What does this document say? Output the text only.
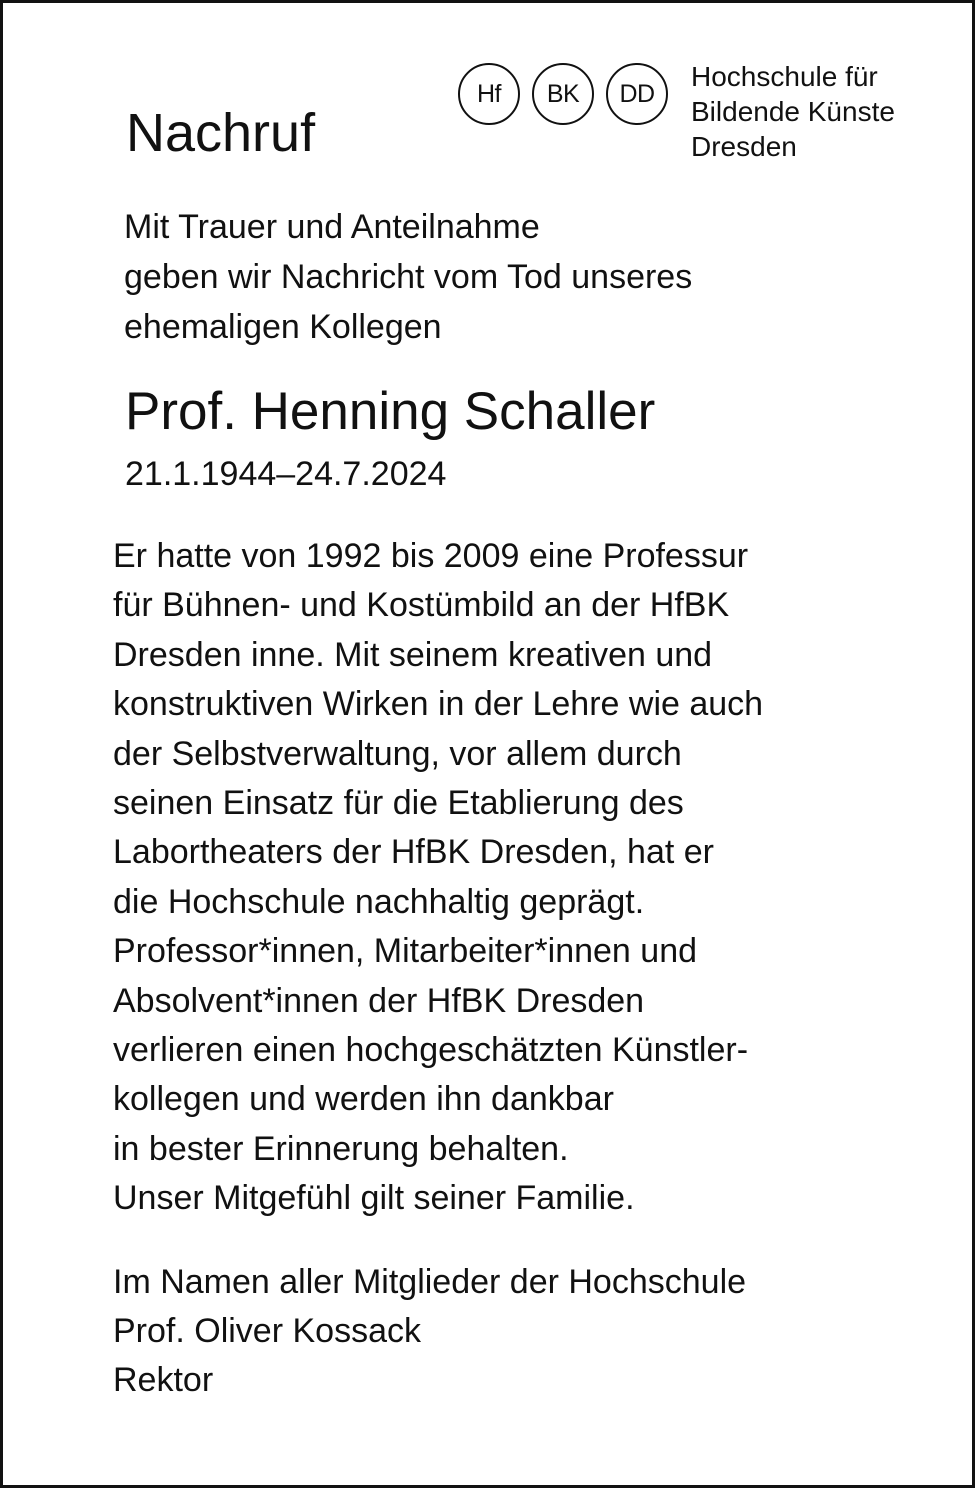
Hf	BK	DD
Hochschule für
Bildende Künste
Dresden
Nachruf
Mit Trauer und Anteilnahme
geben wir Nachricht vom Tod unseres
ehemaligen Kollegen
Prof. Henning Schaller
21.1.1944–24.7.2024
Er hatte von 1992 bis 2009 eine Professur
für Bühnen- und Kostümbild an der HfBK
Dresden inne. Mit seinem kreativen und
konstruktiven Wirken in der Lehre wie auch
der Selbstverwaltung, vor allem durch
seinen Einsatz für die Etablierung des
Labortheaters der HfBK Dresden, hat er
die Hochschule nachhaltig geprägt.
Professor*innen, Mitarbeiter*innen und
Absolvent*innen der HfBK Dresden
verlieren einen hochgeschätzten Künstler-
kollegen und werden ihn dankbar
in bester Erinnerung behalten.
Unser Mitgefühl gilt seiner Familie.
Im Namen aller Mitglieder der Hochschule
Prof. Oliver Kossack
Rektor
